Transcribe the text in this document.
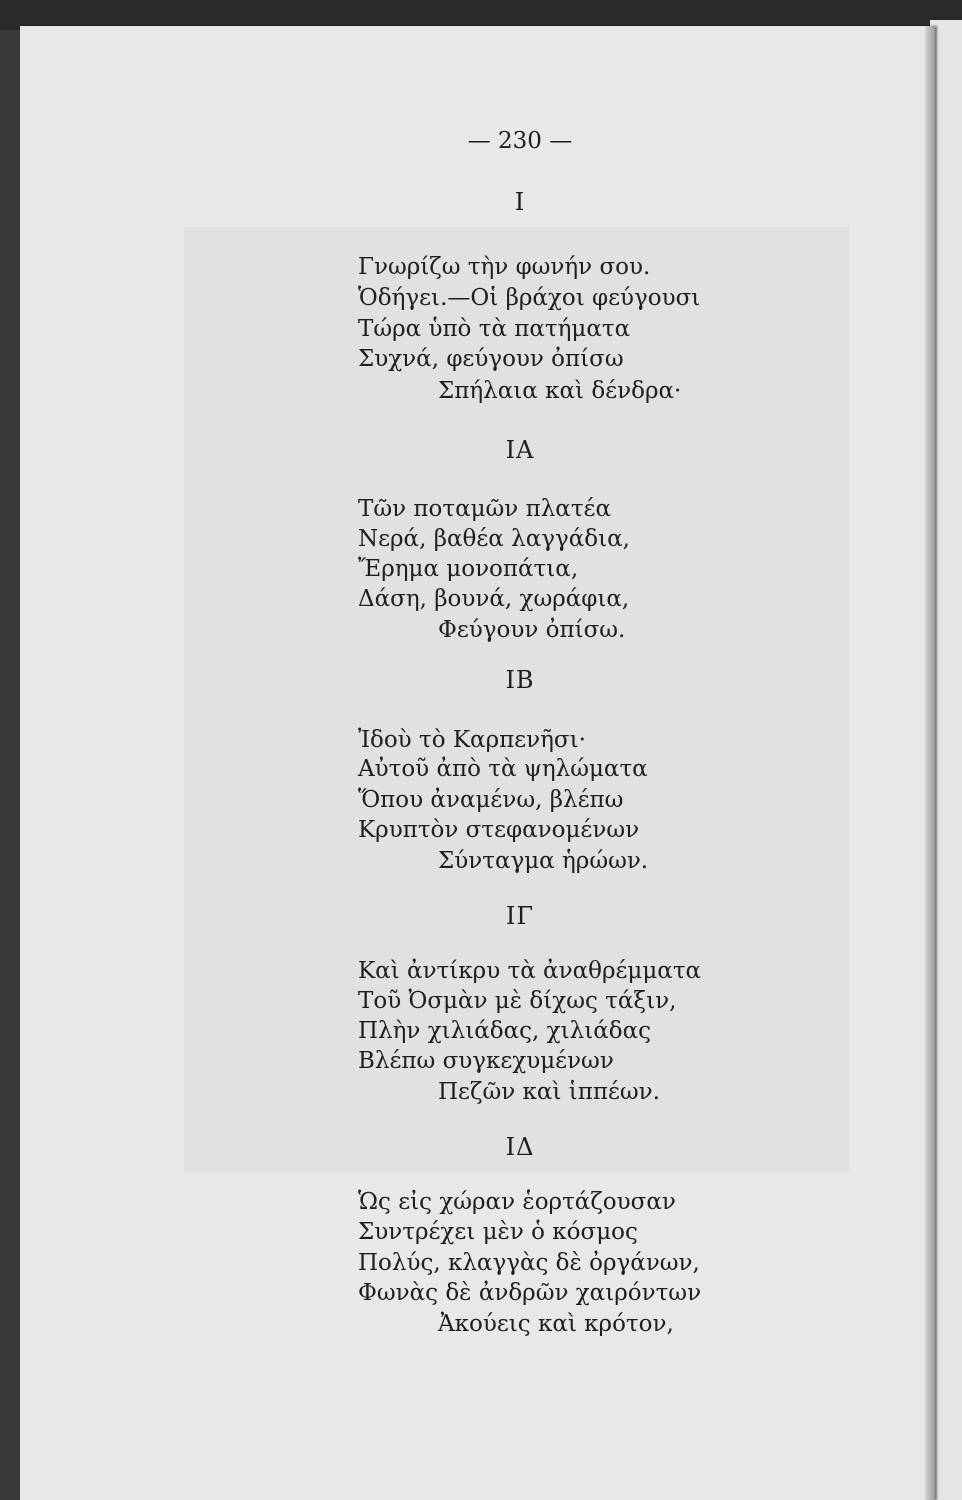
— 230 —
Ι
Γνωρίζω τὴν φωνήν σου.
Ὁδήγει.—Οἱ βράχοι φεύγουσι
Τώρα ὑπὸ τὰ πατήματα
Συχνά, φεύγουν ὀπίσω
Σπήλαια καὶ δένδρα·
ΙΑ
Τῶν ποταμῶν πλατέα
Νερά, βαθέα λαγγάδια,
Ἔρημα μονοπάτια,
Δάση, βουνά, χωράφια,
Φεύγουν ὀπίσω.
ΙΒ
Ἰδοὺ τὸ Καρπενῆσι·
Αὐτοῦ ἀπὸ τὰ ψηλώματα
Ὅπου ἀναμένω, βλέπω
Κρυπτὸν στεφανομένων
Σύνταγμα ἡρώων.
ΙΓ
Καὶ ἀντίκρυ τὰ ἀναθρέμματα
Τοῦ Ὀσμὰν μὲ δίχως τάξιν,
Πλὴν χιλιάδας, χιλιάδας
Βλέπω συγκεχυμένων
Πεζῶν καὶ ἱππέων.
ΙΔ
Ὡς εἰς χώραν ἑορτάζουσαν
Συντρέχει μὲν ὁ κόσμος
Πολύς, κλαγγὰς δὲ ὀργάνων,
Φωνὰς δὲ ἀνδρῶν χαιρόντων
Ἀκούεις καὶ κρότον,
